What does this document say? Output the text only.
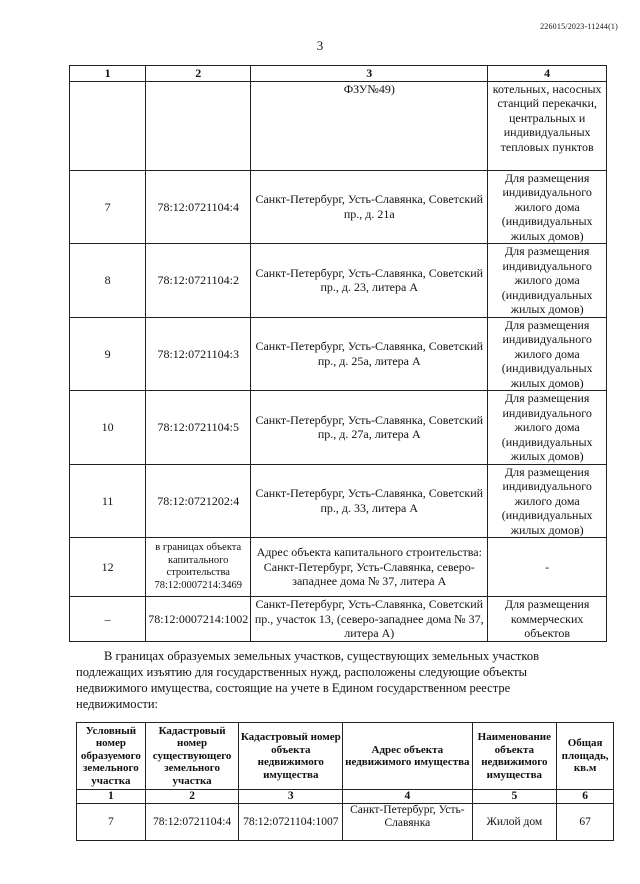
226015/2023-11244(1)
3
1	2	3	4
		ФЗУ№49)	котельных, насосных станций перекачки, центральных и индивидуальных тепловых пунктов
7	78:12:0721104:4	Санкт-Петербург, Усть-Славянка, Советский пр., д. 21а	Для размещения индивидуального жилого дома (индивидуальных жилых домов)
8	78:12:0721104:2	Санкт-Петербург, Усть-Славянка, Советский пр., д. 23, литера А	Для размещения индивидуального жилого дома (индивидуальных жилых домов)
9	78:12:0721104:3	Санкт-Петербург, Усть-Славянка, Советский пр., д. 25а, литера А	Для размещения индивидуального жилого дома (индивидуальных жилых домов)
10	78:12:0721104:5	Санкт-Петербург, Усть-Славянка, Советский пр., д. 27а, литера А	Для размещения индивидуального жилого дома (индивидуальных жилых домов)
11	78:12:0721202:4	Санкт-Петербург, Усть-Славянка, Советский пр., д. 33, литера А	Для размещения индивидуального жилого дома (индивидуальных жилых домов)
12	в границах объекта капитального строительства 78:12:0007214:3469	Адрес объекта капитального строительства: Санкт-Петербург, Усть-Славянка, северо-западнее дома № 37, литера А	-
–	78:12:0007214:1002	Санкт-Петербург, Усть-Славянка, Советский пр., участок 13, (северо-западнее дома № 37, литера А)	Для размещения коммерческих объектов
В границах образуемых земельных участков, существующих земельных участков
подлежащих изъятию для государственных нужд, расположены следующие объекты
недвижимого имущества, состоящие на учете в Едином государственном реестре
недвижимости:
Условный номер образуемого земельного участка	Кадастровый номер существующего земельного участка	Кадастровый номер объекта недвижимого имущества	Адрес объекта недвижимого имущества	Наименование объекта недвижимого имущества	Общая площадь, кв.м
1	2	3	4	5	6
7	78:12:0721104:4	78:12:0721104:1007	Санкт-Петербург, Усть-Славянка	Жилой дом	67
